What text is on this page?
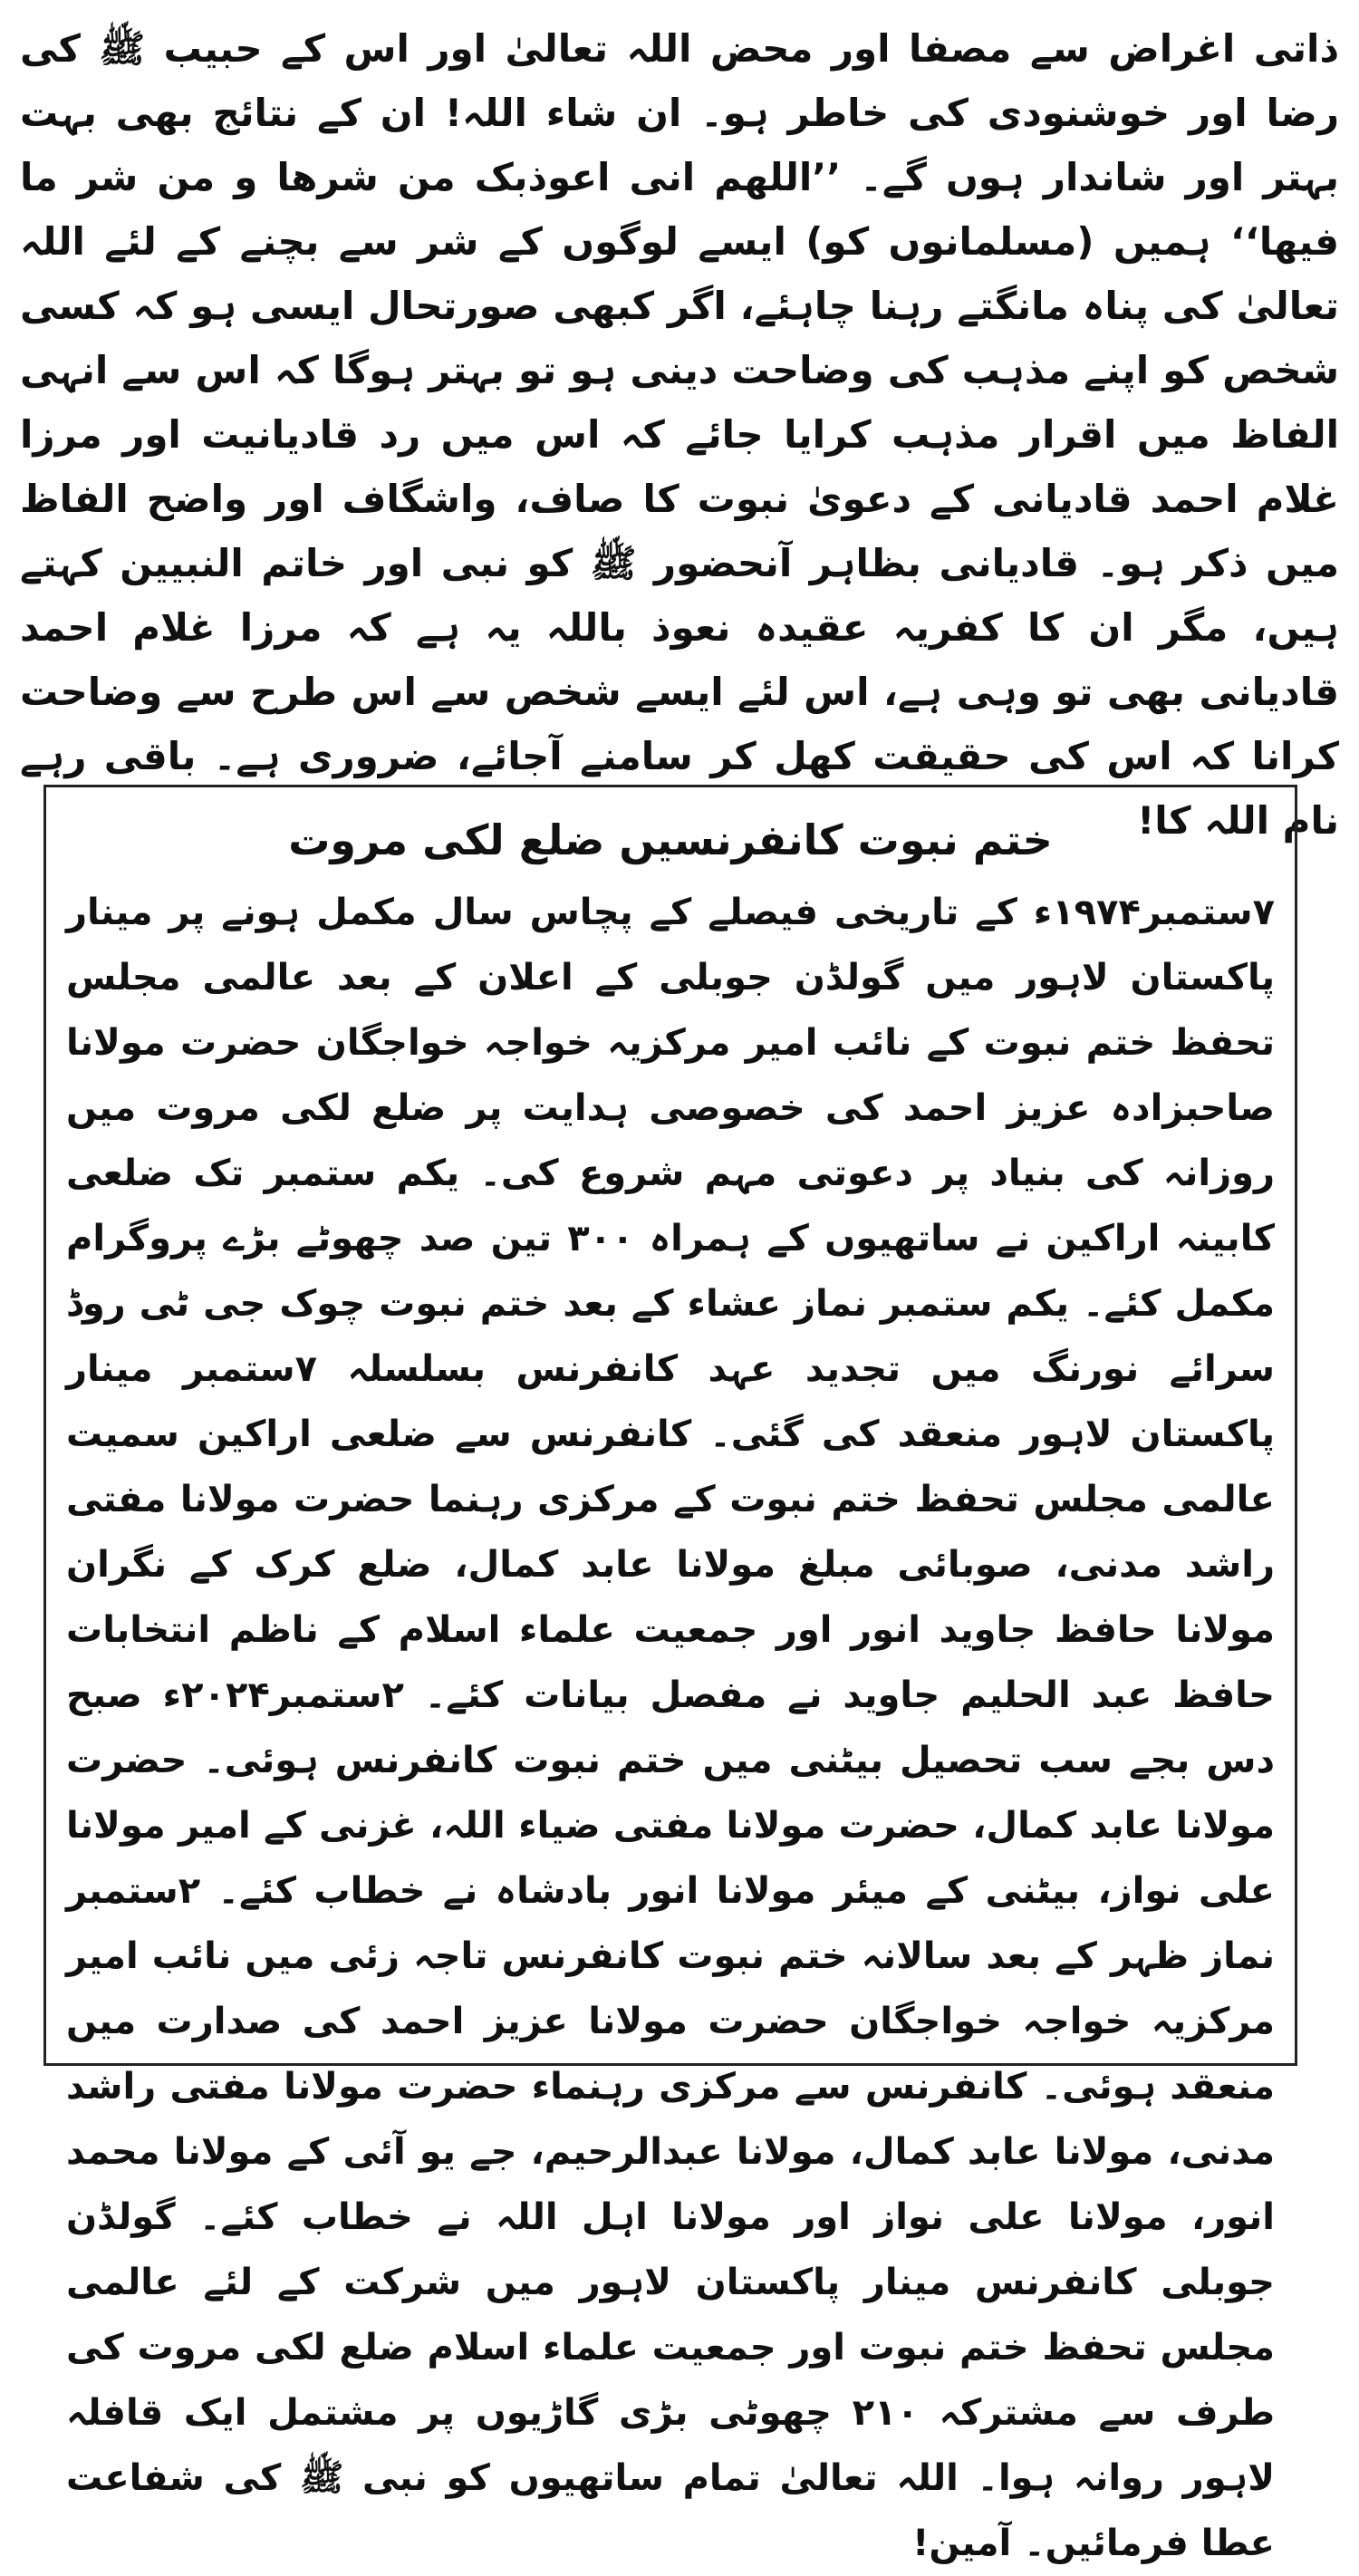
ذاتی اغراض سے مصفا اور محض اللہ تعالیٰ اور اس کے حبیب ﷺ کی رضا اور خوشنودی کی خاطر ہو۔ ان شاء اللہ! ان کے نتائج بھی بہت بہتر اور شاندار ہوں گے۔ ’’اللھم انی اعوذبک من شرھا و من شر ما فیھا‘‘ ہمیں (مسلمانوں کو) ایسے لوگوں کے شر سے بچنے کے لئے اللہ تعالیٰ کی پناہ مانگتے رہنا چاہئے، اگر کبھی صورتحال ایسی ہو کہ کسی شخص کو اپنے مذہب کی وضاحت دینی ہو تو بہتر ہوگا کہ اس سے انہی الفاظ میں اقرار مذہب کرایا جائے کہ اس میں رد قادیانیت اور مرزا غلام احمد قادیانی کے دعویٰ نبوت کا صاف، واشگاف اور واضح الفاظ میں ذکر ہو۔ قادیانی بظاہر آنحضور ﷺ کو نبی اور خاتم النبیین کہتے ہیں، مگر ان کا کفریہ عقیدہ نعوذ باللہ یہ ہے کہ مرزا غلام احمد قادیانی بھی تو وہی ہے، اس لئے ایسے شخص سے اس طرح سے وضاحت کرانا کہ اس کی حقیقت کھل کر سامنے آجائے، ضروری ہے۔ باقی رہے نام اللہ کا!

ختم نبوت کانفرنسیں ضلع لکی مروت

۷ستمبر۱۹۷۴ء کے تاریخی فیصلے کے پچاس سال مکمل ہونے پر مینار پاکستان لاہور میں گولڈن جوبلی کے اعلان کے بعد عالمی مجلس تحفظ ختم نبوت کے نائب امیر مرکزیہ خواجہ خواجگان حضرت مولانا صاحبزادہ عزیز احمد کی خصوصی ہدایت پر ضلع لکی مروت میں روزانہ کی بنیاد پر دعوتی مہم شروع کی۔ یکم ستمبر تک ضلعی کابینہ اراکین نے ساتھیوں کے ہمراہ ۳۰۰ تین صد چھوٹے بڑے پروگرام مکمل کئے۔ یکم ستمبر نماز عشاء کے بعد ختم نبوت چوک جی ٹی روڈ سرائے نورنگ میں تجدید عہد کانفرنس بسلسلہ ۷ستمبر مینار پاکستان لاہور منعقد کی گئی۔ کانفرنس سے ضلعی اراکین سمیت عالمی مجلس تحفظ ختم نبوت کے مرکزی رہنما حضرت مولانا مفتی راشد مدنی، صوبائی مبلغ مولانا عابد کمال، ضلع کرک کے نگران مولانا حافظ جاوید انور اور جمعیت علماء اسلام کے ناظم انتخابات حافظ عبد الحلیم جاوید نے مفصل بیانات کئے۔ ۲ستمبر۲۰۲۴ء صبح دس بجے سب تحصیل بیٹنی میں ختم نبوت کانفرنس ہوئی۔ حضرت مولانا عابد کمال، حضرت مولانا مفتی ضیاء اللہ، غزنی کے امیر مولانا علی نواز، بیٹنی کے میئر مولانا انور بادشاہ نے خطاب کئے۔ ۲ستمبر نماز ظہر کے بعد سالانہ ختم نبوت کانفرنس تاجہ زئی میں نائب امیر مرکزیہ خواجہ خواجگان حضرت مولانا عزیز احمد کی صدارت میں منعقد ہوئی۔ کانفرنس سے مرکزی رہنماء حضرت مولانا مفتی راشد مدنی، مولانا عابد کمال، مولانا عبدالرحیم، جے یو آئی کے مولانا محمد انور، مولانا علی نواز اور مولانا اہل اللہ نے خطاب کئے۔ گولڈن جوبلی کانفرنس مینار پاکستان لاہور میں شرکت کے لئے عالمی مجلس تحفظ ختم نبوت اور جمعیت علماء اسلام ضلع لکی مروت کی طرف سے مشترکہ ۲۱۰ چھوٹی بڑی گاڑیوں پر مشتمل ایک قافلہ لاہور روانہ ہوا۔ اللہ تعالیٰ تمام ساتھیوں کو نبی ﷺ کی شفاعت عطا فرمائیں۔ آمین!
